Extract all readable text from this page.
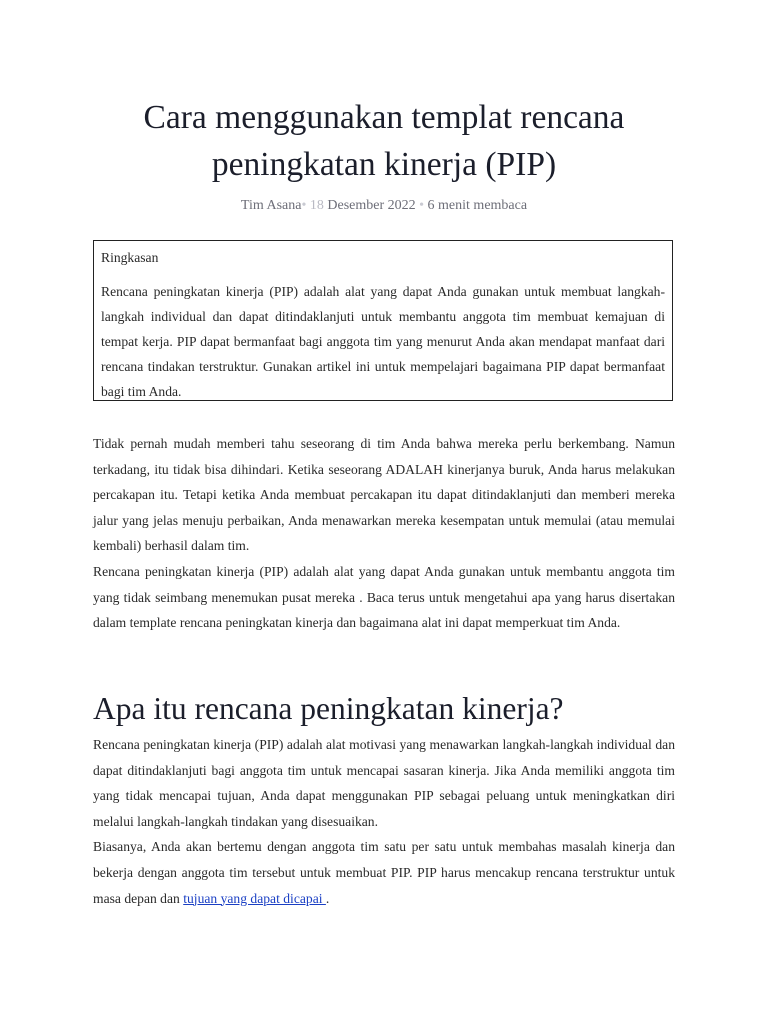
Cara menggunakan templat rencana peningkatan kinerja (PIP)
Tim Asana• 18 Desember 2022 • 6 menit membaca

Ringkasan

Rencana peningkatan kinerja (PIP) adalah alat yang dapat Anda gunakan untuk membuat langkah-langkah individual dan dapat ditindaklanjuti untuk membantu anggota tim membuat kemajuan di tempat kerja. PIP dapat bermanfaat bagi anggota tim yang menurut Anda akan mendapat manfaat dari rencana tindakan terstruktur. Gunakan artikel ini untuk mempelajari bagaimana PIP dapat bermanfaat bagi tim Anda.

Tidak pernah mudah memberi tahu seseorang di tim Anda bahwa mereka perlu berkembang. Namun terkadang, itu tidak bisa dihindari. Ketika seseorang ADALAH kinerjanya buruk, Anda harus melakukan percakapan itu. Tetapi ketika Anda membuat percakapan itu dapat ditindaklanjuti dan memberi mereka jalur yang jelas menuju perbaikan, Anda menawarkan mereka kesempatan untuk memulai (atau memulai kembali) berhasil dalam tim.

Rencana peningkatan kinerja (PIP) adalah alat yang dapat Anda gunakan untuk membantu anggota tim yang tidak seimbang menemukan pusat mereka . Baca terus untuk mengetahui apa yang harus disertakan dalam template rencana peningkatan kinerja dan bagaimana alat ini dapat memperkuat tim Anda.

Apa itu rencana peningkatan kinerja?

Rencana peningkatan kinerja (PIP) adalah alat motivasi yang menawarkan langkah-langkah individual dan dapat ditindaklanjuti bagi anggota tim untuk mencapai sasaran kinerja. Jika Anda memiliki anggota tim yang tidak mencapai tujuan, Anda dapat menggunakan PIP sebagai peluang untuk meningkatkan diri melalui langkah-langkah tindakan yang disesuaikan.

Biasanya, Anda akan bertemu dengan anggota tim satu per satu untuk membahas masalah kinerja dan bekerja dengan anggota tim tersebut untuk membuat PIP. PIP harus mencakup rencana terstruktur untuk masa depan dan tujuan yang dapat dicapai .
